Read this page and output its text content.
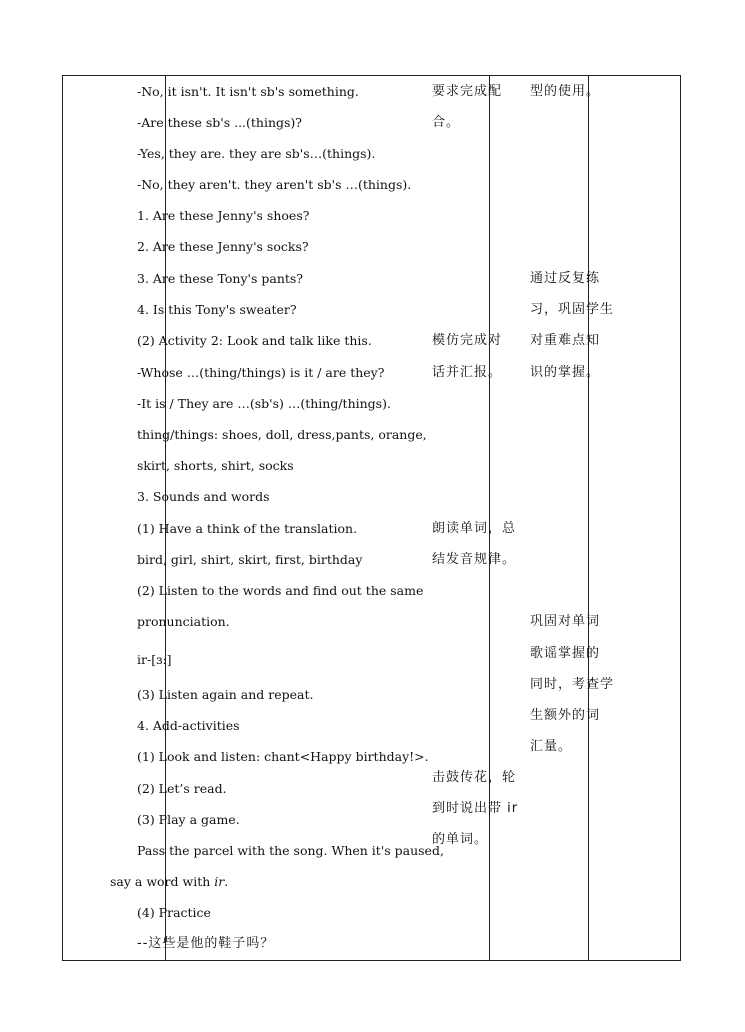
-No, it isn't. It isn't sb's something.
-Are these sb's ...(things)?
-Yes, they are. they are sb's…(things).
-No, they aren't. they aren't sb's …(things).
1. Are these Jenny's shoes?
2. Are these Jenny's socks?
3. Are these Tony's pants?
4. Is this Tony's sweater?
(2) Activity 2: Look and talk like this.
-Whose …(thing/things) is it / are they?
-It is / They are …(sb's) …(thing/things).
thing/things: shoes, doll, dress,pants, orange,
skirt, shorts, shirt, socks
3. Sounds and words
(1) Have a think of the translation.
bird, girl, shirt, skirt, first, birthday
(2) Listen to the words and find out the same
pronunciation.
ir-[ɜː]
(3) Listen again and repeat.
4. Add-activities
(1) Look and listen: chant<Happy birthday!>.
(2) Let’s read.
(3) Play a game.
Pass the parcel with the song. When it's paused,
say a word with ir.
(4) Practice
--这些是他的鞋子吗？
要求完成配
合。
模仿完成对
话并汇报。
朗读单词，总
结发音规律。
击鼓传花，轮
到时说出带 ir
的单词。
型的使用。
通过反复练
习，巩固学生
对重难点知
识的掌握。
巩固对单词
歌谣掌握的
同时，考查学
生额外的词
汇量。
